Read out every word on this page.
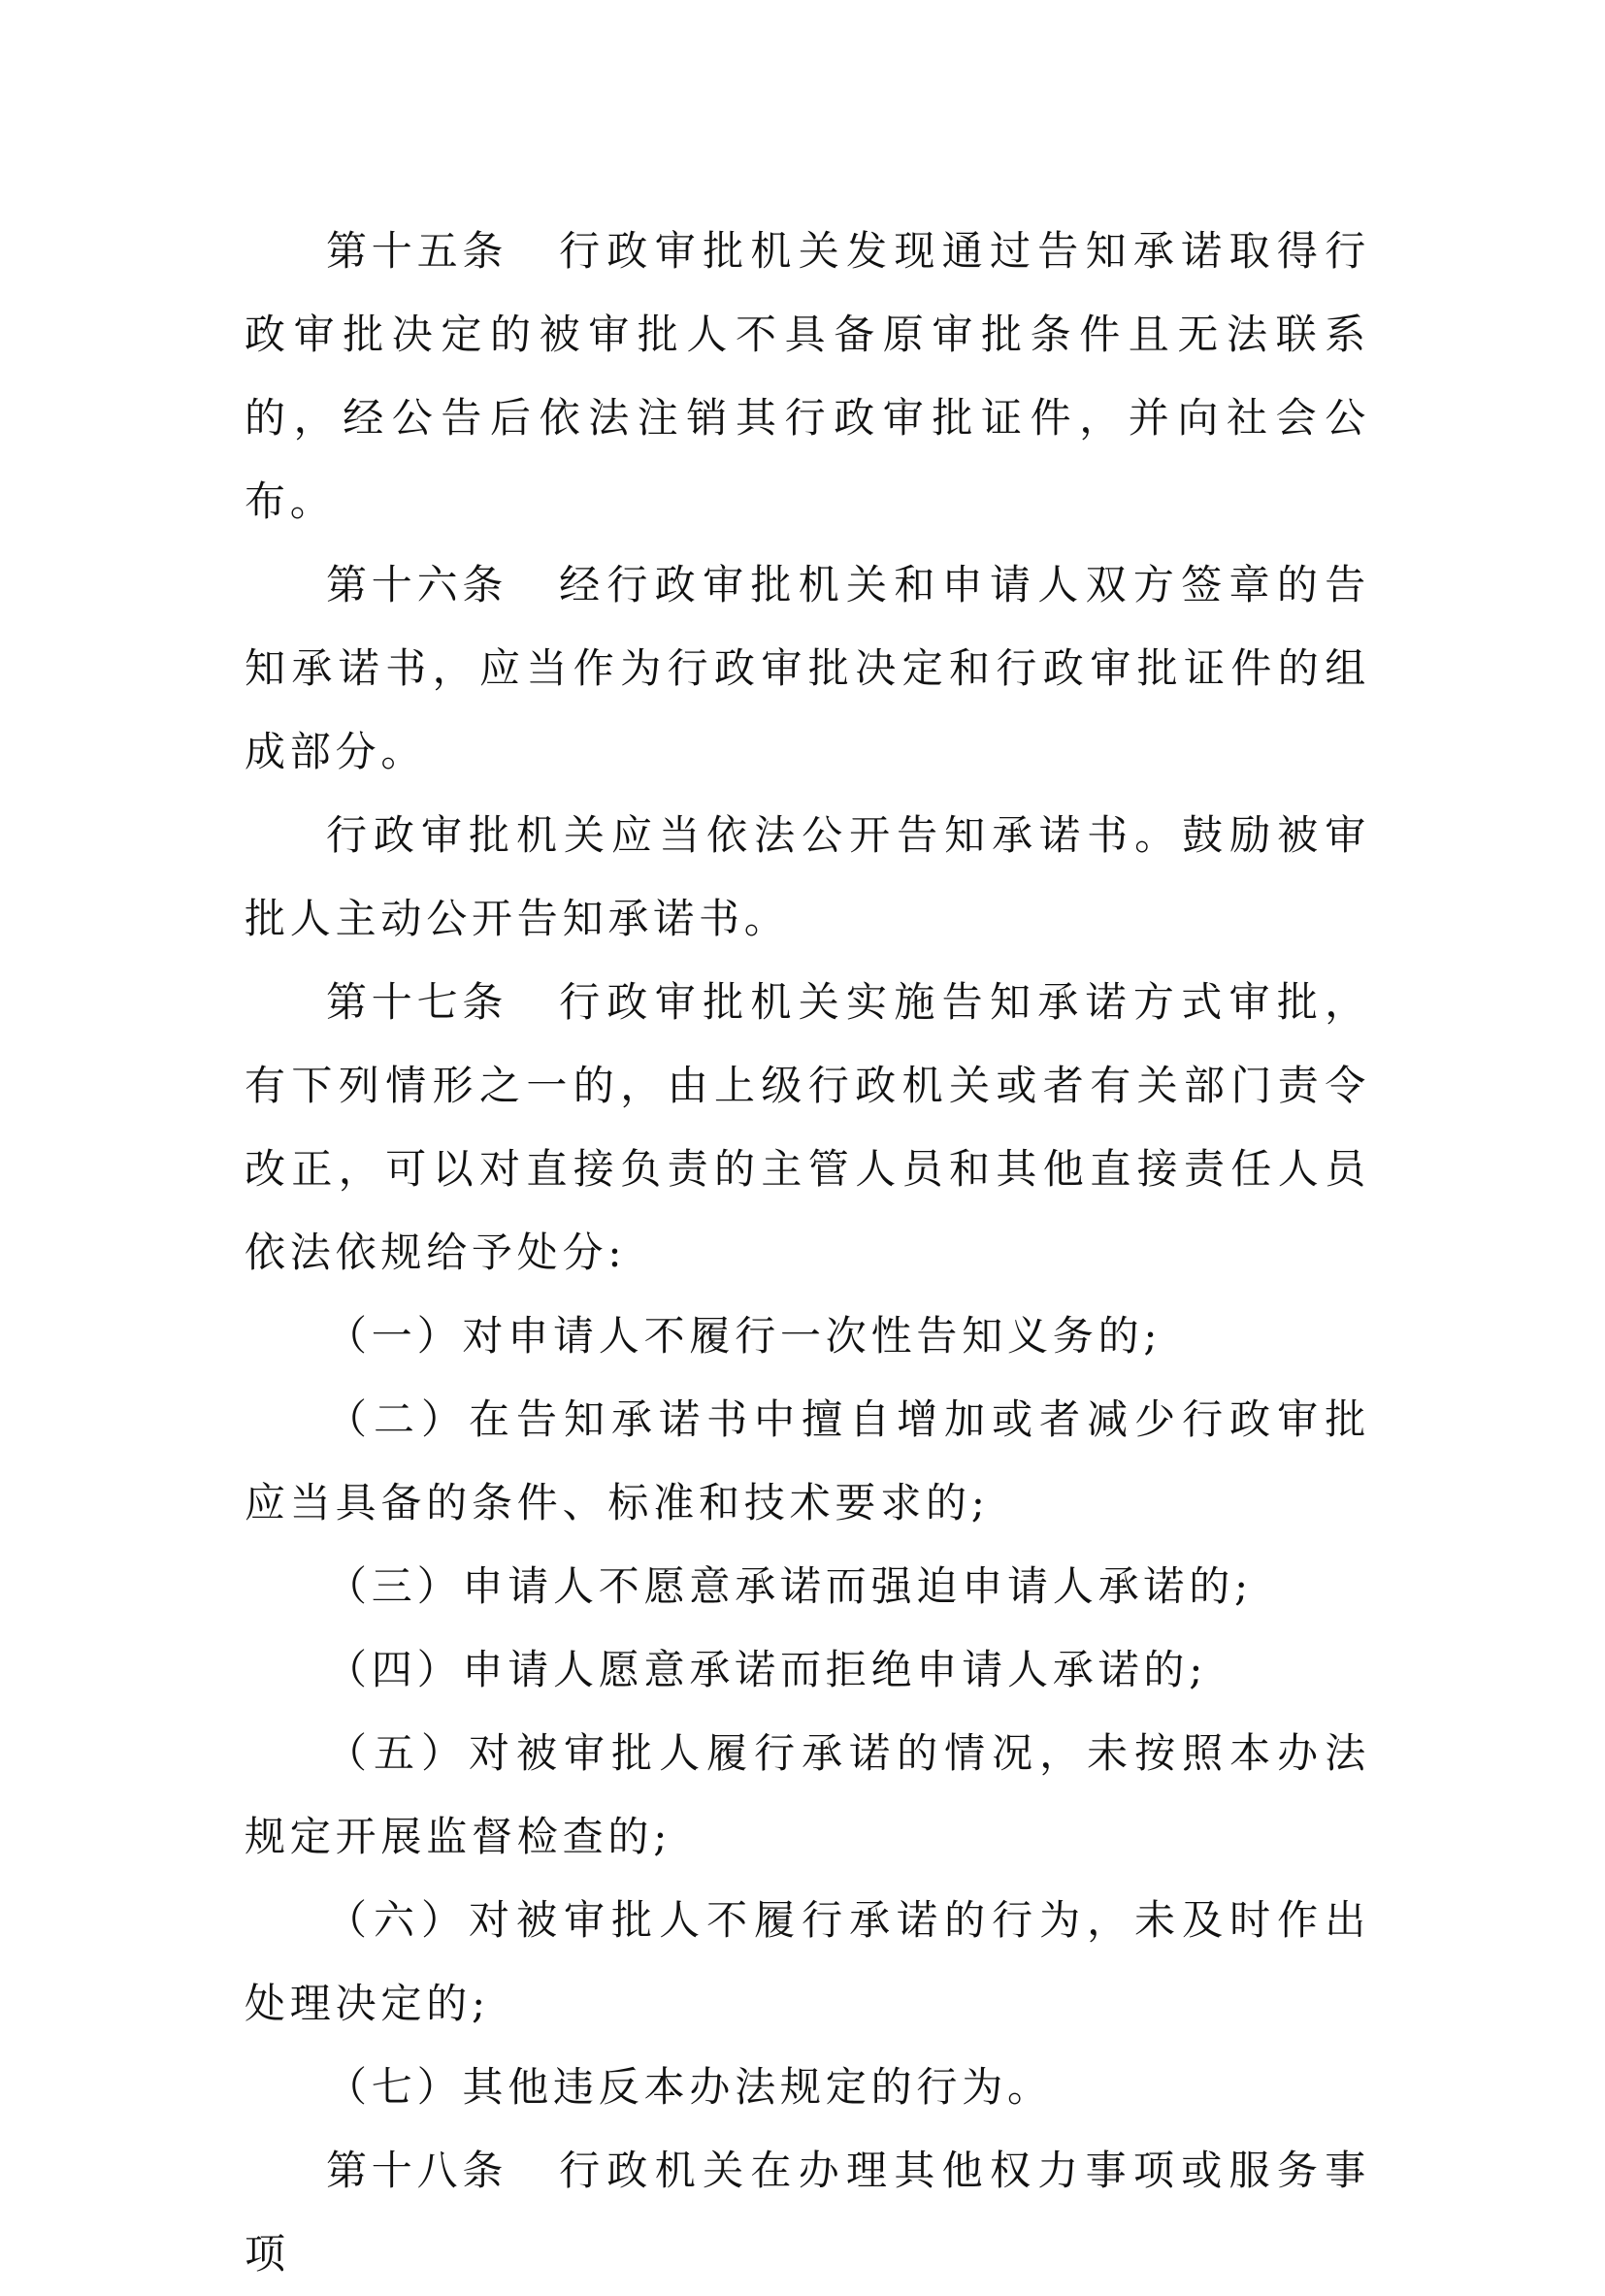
第十五条 行政审批机关发现通过告知承诺取得行政审批决定的被审批人不具备原审批条件且无法联系的，经公告后依法注销其行政审批证件，并向社会公布。

第十六条 经行政审批机关和申请人双方签章的告知承诺书，应当作为行政审批决定和行政审批证件的组成部分。

行政审批机关应当依法公开告知承诺书。鼓励被审批人主动公开告知承诺书。

第十七条 行政审批机关实施告知承诺方式审批，有下列情形之一的，由上级行政机关或者有关部门责令改正，可以对直接负责的主管人员和其他直接责任人员依法依规给予处分:

（一）对申请人不履行一次性告知义务的;

（二）在告知承诺书中擅自增加或者减少行政审批应当具备的条件、标准和技术要求的;

（三）申请人不愿意承诺而强迫申请人承诺的;

（四）申请人愿意承诺而拒绝申请人承诺的;

（五）对被审批人履行承诺的情况，未按照本办法规定开展监督检查的;

（六）对被审批人不履行承诺的行为，未及时作出处理决定的;

（七）其他违反本办法规定的行为。

第十八条 行政机关在办理其他权力事项或服务事项
